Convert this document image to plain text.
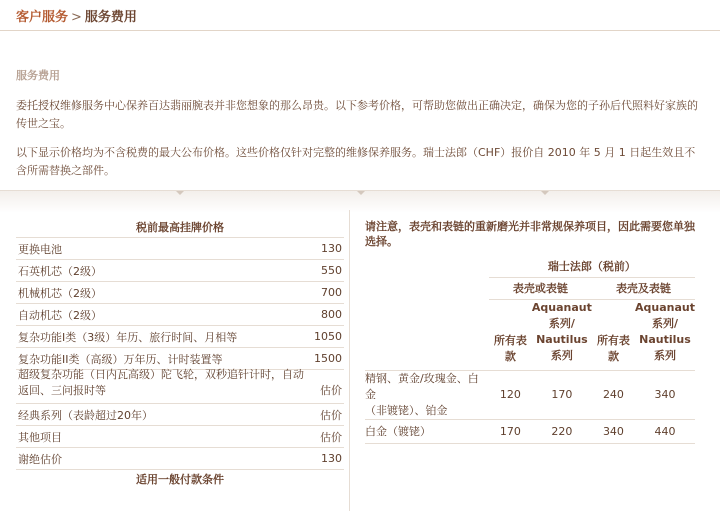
客户服务 > 服务费用
服务费用
委托授权维修服务中心保养百达翡丽腕表并非您想象的那么昂贵。以下参考价格，可帮助您做出正确决定，确保为您的子孙后代照料好家族的传世之宝。
以下显示价格均为不含税费的最大公布价格。这些价格仅针对完整的维修保养服务。瑞士法郎（CHF）报价自 2010 年 5 月 1 日起生效且不含所需替换之部件。
税前最高挂牌价格
更换电池	130
石英机芯（2级）	550
机械机芯（2级）	700
自动机芯（2级）	800
复杂功能I类（3级）年历、旅行时间、月相等	1050
复杂功能II类（高级）万年历、计时装置等	1500
超级复杂功能（日内瓦高级）陀飞轮，双秒追针计时，自动
返回、三问报时等	估价
经典系列（表龄超过20年）	估价
其他项目	估价
谢绝估价	130
适用一般付款条件
请注意，表壳和表链的重新磨光并非常规保养项目，因此需要您单独选择。
	瑞士法郎（税前）			
	表壳或表链		表壳及表链	
	所有表
款	Aquanaut
系列/
Nautilus
系列	所有表
款	Aquanaut
系列/
Nautilus
系列
精钢、黄金/玫瑰金、白金
（非镀铑）、铂金	120	170	240	340
白金（镀铑）	170	220	340	440
